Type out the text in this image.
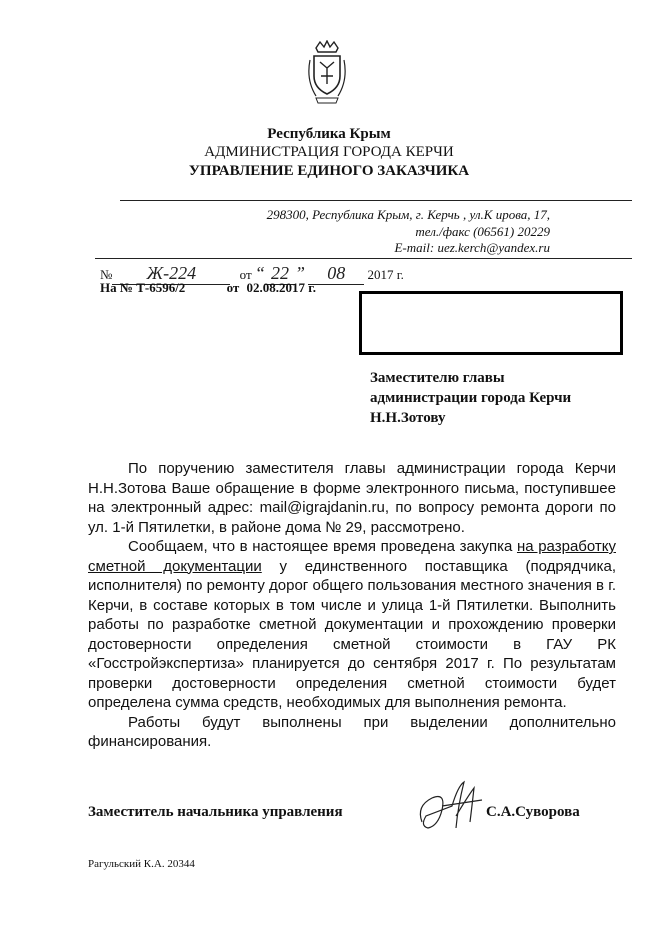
Республика Крым
АДМИНИСТРАЦИЯ ГОРОДА КЕРЧИ
УПРАВЛЕНИЕ ЕДИНОГО ЗАКАЗЧИКА
298300, Республика Крым, г. Керчь , ул.К ирова, 17,
тел./факс (06561) 20229
E-mail: uez.kerch@yandex.ru
№ Ж-224	от “ 22 ” 08 2017 г.
На № Т-6596/2	от 02.08.2017 г.
Заместителю главы
администрации города Керчи
Н.Н.Зотову

По поручению заместителя главы администрации города Керчи Н.Н.Зотова Ваше обращение в форме электронного письма, поступившее на электронный адрес: mail@igrajdanin.ru, по вопросу ремонта дороги по ул. 1-й Пятилетки, в районе дома № 29, рассмотрено.

Сообщаем, что в настоящее время проведена закупка на разработку сметной документации у единственного поставщика (подрядчика, исполнителя) по ремонту дорог общего пользования местного значения в г. Керчи, в составе которых в том числе и улица 1-й Пятилетки. Выполнить работы по разработке сметной документации и прохождению проверки достоверности определения сметной стоимости в ГАУ РК «Госстройэкспертиза» планируется до сентября 2017 г. По результатам проверки достоверности определения сметной стоимости будет определена сумма средств, необходимых для выполнения ремонта.

Работы будут выполнены при выделении дополнительно финансирования.

Заместитель начальника управления	С.А.Суворова
Рагульский К.А. 20344
